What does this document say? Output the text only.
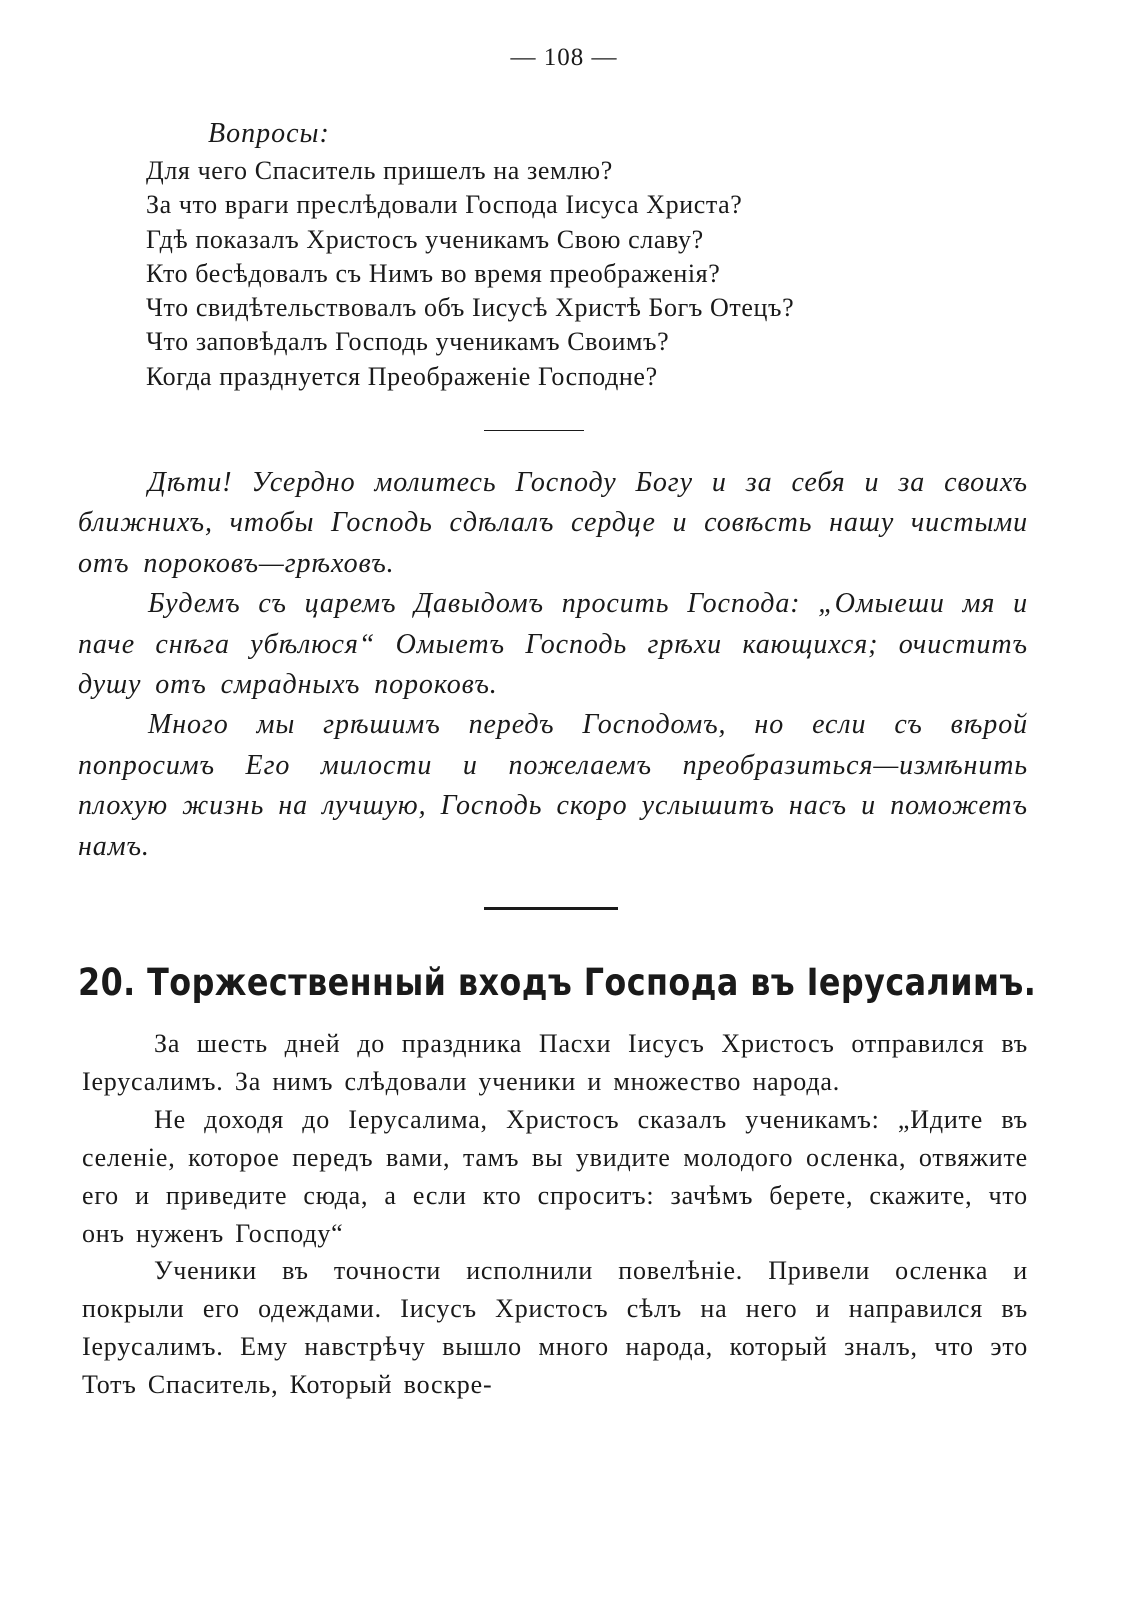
— 108 —
Вопросы:
Для чего Спаситель пришелъ на землю?
За что враги преслѣдовали Господа Іисуса Христа?
Гдѣ показалъ Христосъ ученикамъ Свою славу?
Кто бесѣдовалъ съ Нимъ во время преображенія?
Что свидѣтельствовалъ объ Іисусѣ Христѣ Богъ Отецъ?
Что заповѣдалъ Господь ученикамъ Своимъ?
Когда празднуется Преображеніе Господне?

Дѣти! Усердно молитесь Господу Богу и за себя и за своихъ ближнихъ, чтобы Господь сдѣлалъ сердце и совѣсть нашу чистыми отъ пороковъ—грѣховъ.

Будемъ съ царемъ Давыдомъ просить Господа: „Омыеши мя и паче снѣга убѣлюся“ Омыетъ Господь грѣхи кающихся; очиститъ душу отъ смрадныхъ пороковъ.

Много мы грѣшимъ передъ Господомъ, но если съ вѣрой попросимъ Его милости и пожелаемъ преобразиться—измѣнить плохую жизнь на лучшую, Господь скоро услышитъ насъ и поможетъ намъ.

20. Торжественный входъ Господа въ Іерусалимъ.

За шесть дней до праздника Пасхи Іисусъ Христосъ отправился въ Іерусалимъ. За нимъ слѣдовали ученики и множество народа.

Не доходя до Іерусалима, Христосъ сказалъ ученикамъ: „Идите въ селеніе, которое передъ вами, тамъ вы увидите молодого осленка, отвяжите его и приведите сюда, а если кто спроситъ: зачѣмъ берете, скажите, что онъ нуженъ Господу“

Ученики въ точности исполнили повелѣніе. Привели осленка и покрыли его одеждами. Іисусъ Христосъ сѣлъ на него и направился въ Іерусалимъ. Ему навстрѣчу вышло много народа, который зналъ, что это Тотъ Спаситель, Который воскре-
